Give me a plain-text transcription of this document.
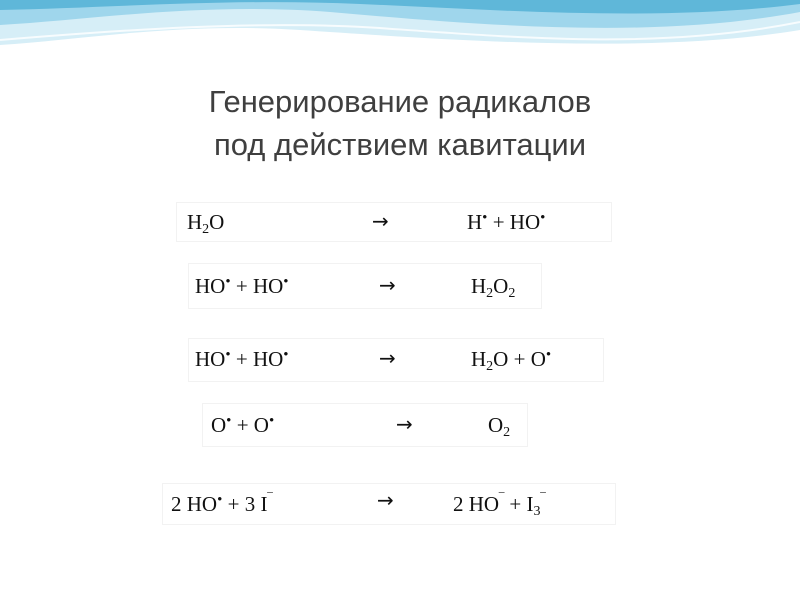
Генерирование радикалов
под действием кавитации
$H_2O$	→	H• + HO•
HO• + HO•	→	$H_2O_2$
HO• + HO•	→	$H_2O + O^•$
O• + O•	→	$O_2$
2 HO• + 3 I‾	→	2 $HO^‾ + I_3^‾$
